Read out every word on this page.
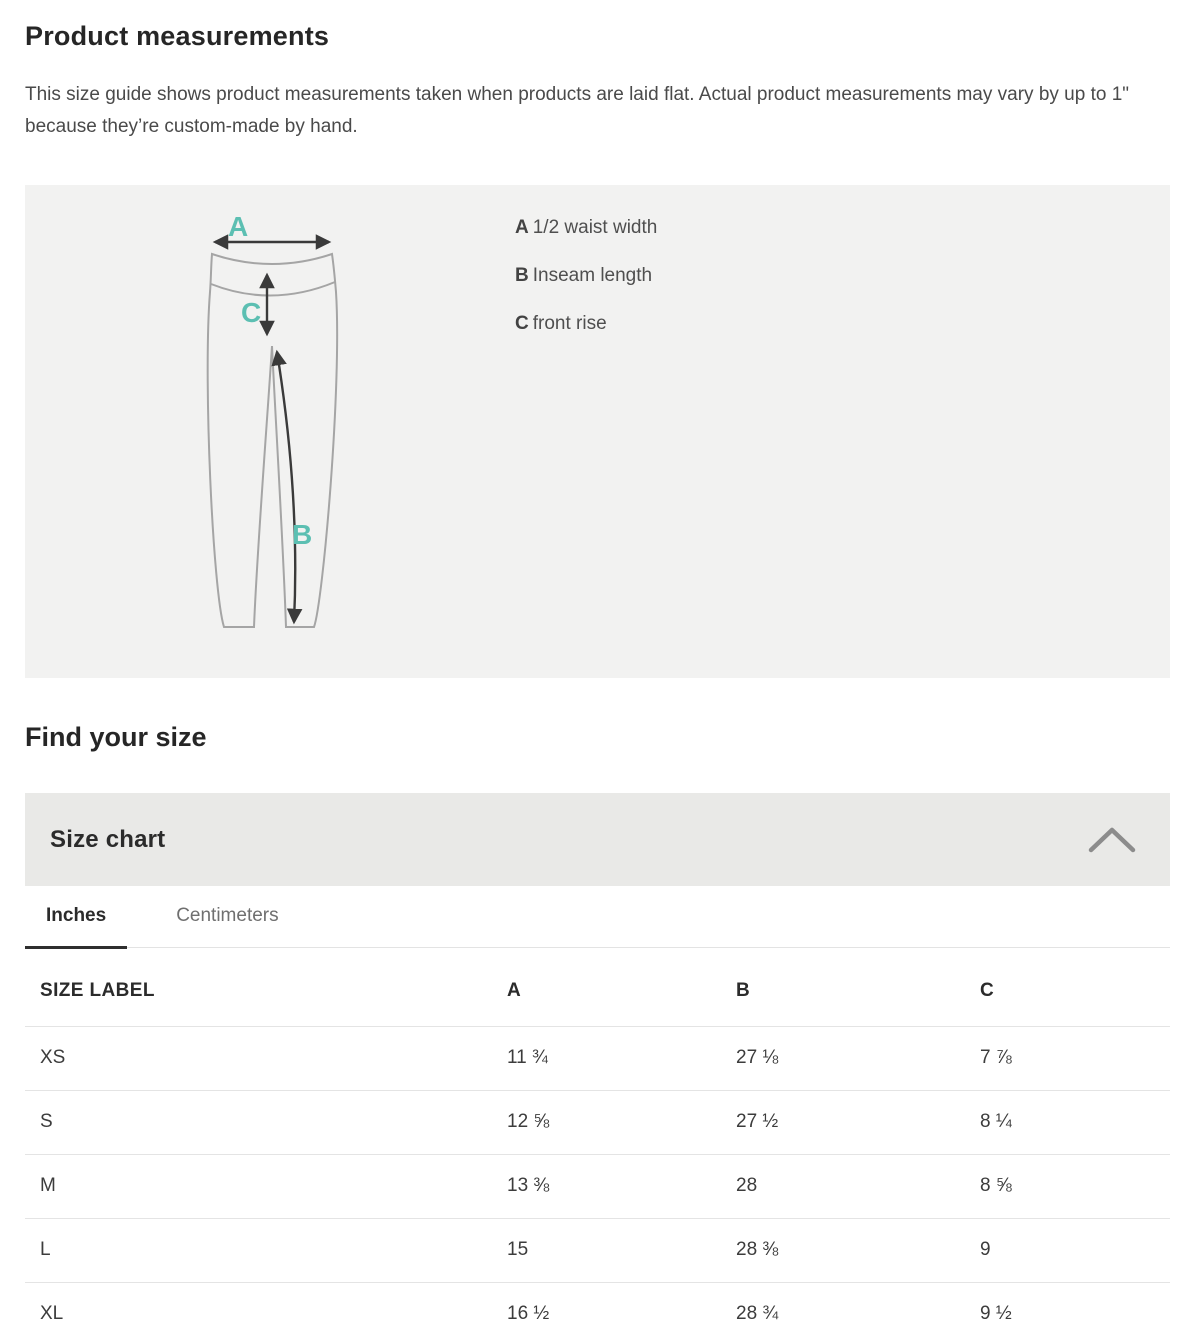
Product measurements

This size guide shows product measurements taken when products are laid flat. Actual product measurements may vary by up to 1" because they’re custom-made by hand.

A
C
B
A 1/2 waist width
B Inseam length
C front rise
Find your size
Size chart
Inches	Centimeters
SIZE LABEL	A	B	C
XS	11 ¾	27 ⅛	7 ⅞
S	12 ⅝	27 ½	8 ¼
M	13 ⅜	28	8 ⅝
L	15	28 ⅜	9
XL	16 ½	28 ¾	9 ½
